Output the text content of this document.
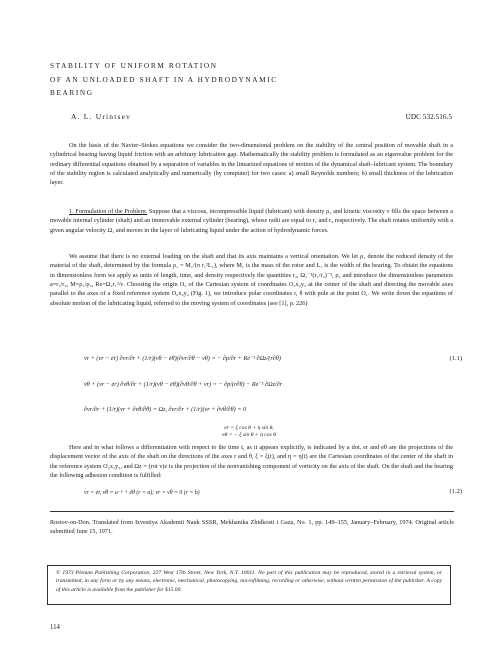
STABILITY OF UNIFORM ROTATION
OF AN UNLOADED SHAFT IN A HYDRODYNAMIC
BEARING
A. L. Urintsev	UDC 532.516.5
On the basis of the Navier–Stokes equations we consider the two-dimensional problem on the stability of the central position of movable shaft in a cylindrical bearing having liquid friction with an arbitrary lubrication gap. Mathematically the stability problem is formulated as an eigenvalue problem for the ordinary differential equations obtained by a separation of variables in the linearized equations of motion of the dynamical shaft–lubricant system. The boundary of the stability region is calculated analytically and numerically (by computer) for two cases: a) small Reynolds numbers; b) small thickness of the lubrication layer.
1. Formulation of the Problem. Suppose that a viscous, incompressible liquid (lubricant) with density ρ₂ and kinetic viscosity ν fills the space between a movable internal cylinder (shaft) and an immovable external cylinder (bearing), whose radii are equal to r₁ and r₂ respectively. The shaft rotates uniformly with a given angular velocity Ω₁ and moves in the layer of lubricating liquid under the action of hydrodynamic forces.
We assume that there is no external loading on the shaft and that its axis maintains a vertical orientation. We let ρ₁ denote the reduced density of the material of the shaft, determined by the formula ρ₁ = M₁/(π r₁²L₁), where M₁ is the mass of the rotor and L₁ is the width of the bearing. To obtain the equations in dimensionless form we apply as units of length, time, and density respectively the quantities r₂, Ω₁⁻¹(r₁/r₂)⁻², ρ₂ and introduce the dimensionless parameters a=r₁/r₂, M=ρ₁/ρ₂, Re=Ω₁r₁²/ν. Choosing the origin O₂ of the Cartesian system of coordinates O₂x₂y₂ at the center of the shaft and directing the movable axes parallel to the axes of a fixed reference system O₂x₂y₂ (Fig. 1), we introduce polar coordinates r, θ with pole at the point O₁. We write down the equations of absolute motion of the lubricating liquid, referred to the moving system of coordinates (see [1], p. 226)
v̇r + (vr − ėr) ∂vr/∂r + (1/r)(vθ − ėθ)(∂vr/∂θ − vθ) = − ∂p/∂r + Re⁻¹ ∂Ωz/(r∂θ)	(1.1)
v̇θ + (vr − ėr) ∂vθ/∂r + (1/r)(vθ − ėθ)(∂vθ/∂θ + vr) = − ∂p/(r∂θ) − Re⁻¹ ∂Ωz/∂r
∂vr/∂r + (1/r)(vr + ∂vθ/∂θ) = Ωz, ∂vr/∂r + (1/r)(vr + ∂vθ/∂θ) = 0
er = ξ cos θ + η sin θ,
eθ = − ξ sin θ + η cos θ
Here and in what follows a differentiation with respect to the time t, as it appears explicitly, is indicated by a dot. er and eθ are the projections of the displacement vector of the axis of the shaft on the directions of the axes r and θ, ξ = ξ(t), and η = η(t) are the Cartesian coordinates of the center of the shaft in the reference system O₂x₂y₂, and Ωz = (rot v)z is the projection of the nonvanishing component of vorticity on the axis of the shaft. On the shaft and the bearing the following adhesion condition is fulfilled:
vr = ėr, vθ = a⁻¹ + ėθ (r = a); vr = vθ = 0 (r = b)	(1.2)
Rostov-on-Don. Translated from Izvestiya Akademii Nauk SSSR, Mekhanika Zhidkosti i Gaza, No. 1, pp. 149–155, January–February, 1974. Original article submitted June 15, 1971.
© 1973 Plenum Publishing Corporation, 227 West 17th Street, New York, N.Y. 10011. No part of this publication may be reproduced, stored in a retrieval system, or transmitted, in any form or by any means, electronic, mechanical, photocopying, microfilming, recording or otherwise, without written permission of the publisher. A copy of this article is available from the publisher for $15.00.
114
